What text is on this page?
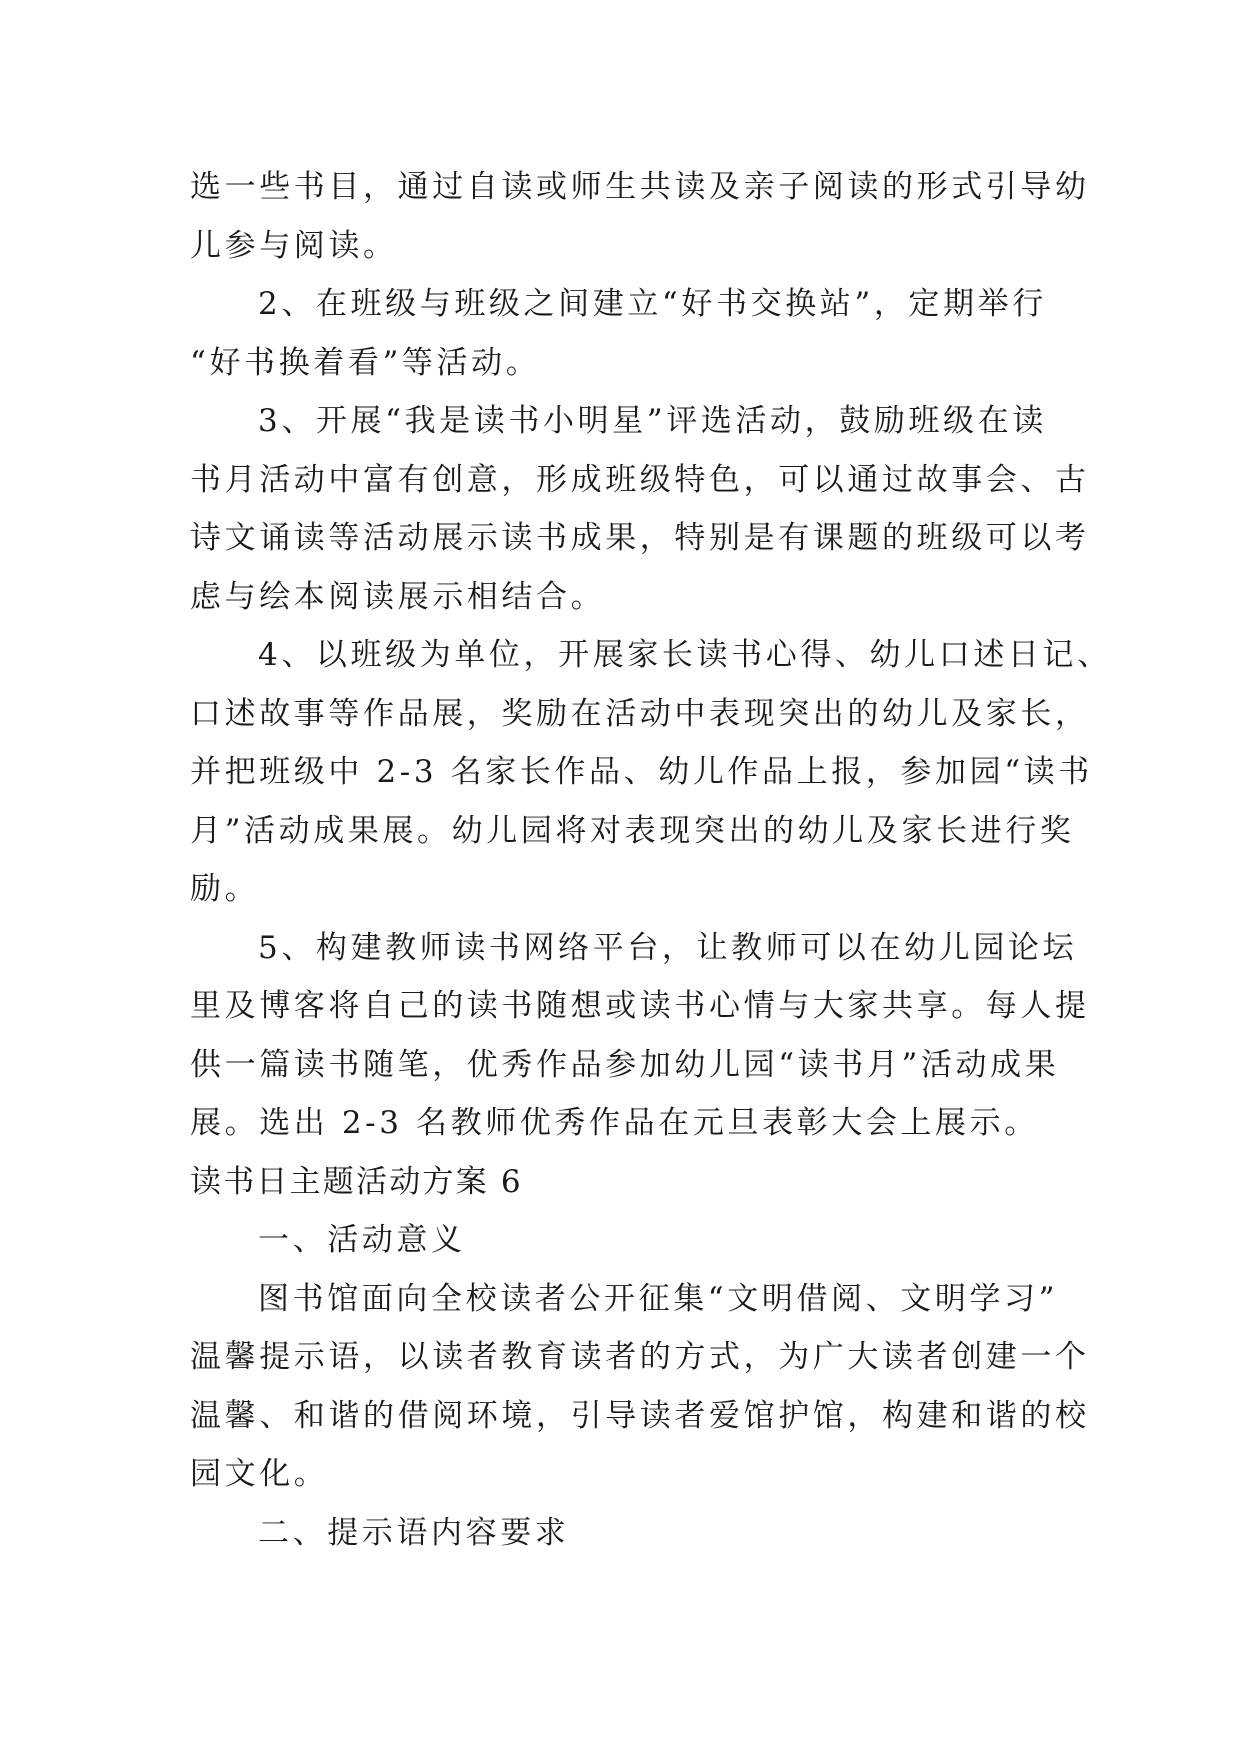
选一些书目，通过自读或师生共读及亲子阅读的形式引导幼
儿参与阅读。
2、在班级与班级之间建立“好书交换站”，定期举行
“好书换着看”等活动。
3、开展“我是读书小明星”评选活动，鼓励班级在读
书月活动中富有创意，形成班级特色，可以通过故事会、古
诗文诵读等活动展示读书成果，特别是有课题的班级可以考
虑与绘本阅读展示相结合。
4、以班级为单位，开展家长读书心得、幼儿口述日记、
口述故事等作品展，奖励在活动中表现突出的幼儿及家长，
并把班级中 2-3 名家长作品、幼儿作品上报，参加园“读书
月”活动成果展。幼儿园将对表现突出的幼儿及家长进行奖
励。
5、构建教师读书网络平台，让教师可以在幼儿园论坛
里及博客将自己的读书随想或读书心情与大家共享。每人提
供一篇读书随笔，优秀作品参加幼儿园“读书月”活动成果
展。选出 2-3 名教师优秀作品在元旦表彰大会上展示。
读书日主题活动方案 6
一、活动意义
图书馆面向全校读者公开征集“文明借阅、文明学习”
温馨提示语，以读者教育读者的方式，为广大读者创建一个
温馨、和谐的借阅环境，引导读者爱馆护馆，构建和谐的校
园文化。
二、提示语内容要求
